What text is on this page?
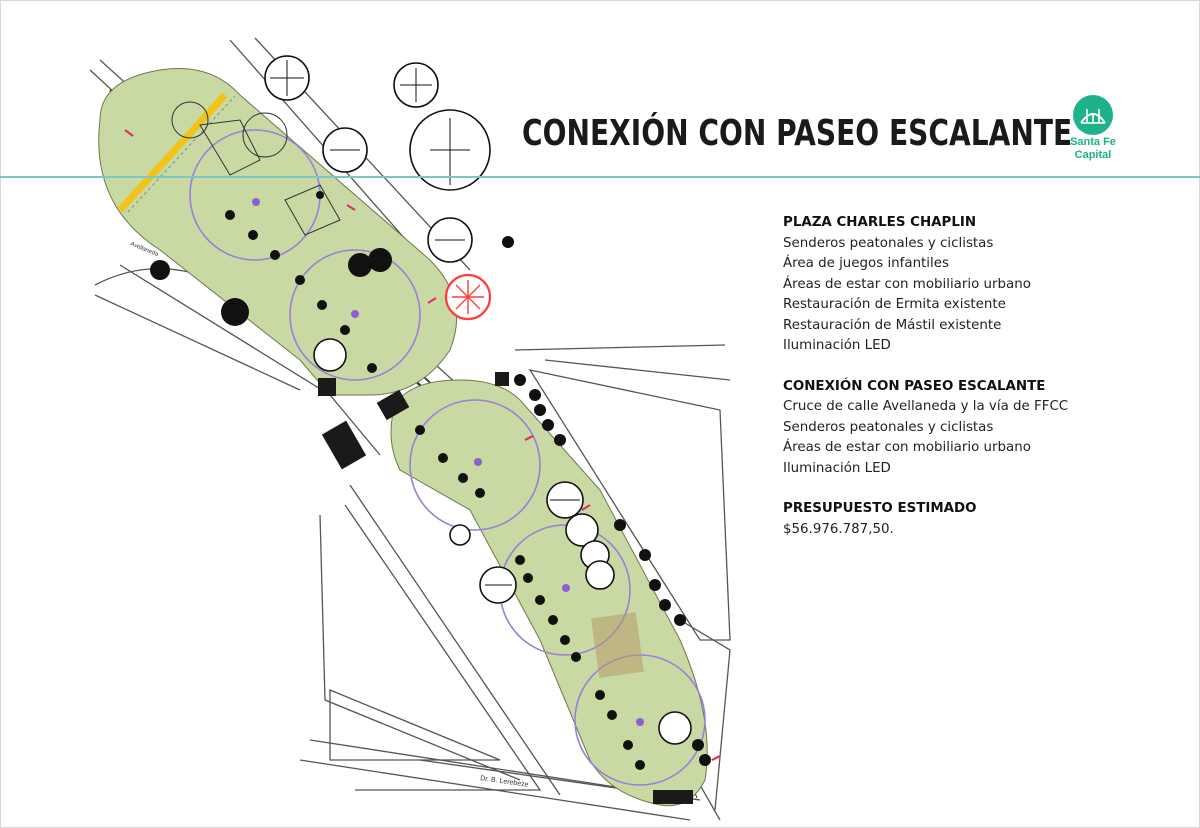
Dr. B. Lerebeze
Avellaneda
CONEXIÓN CON PASEO ESCALANTE
Santa Fe
Capital
PLAZA CHARLES CHAPLIN
Senderos peatonales y ciclistas
Área de juegos infantiles
Áreas de estar con mobiliario urbano
Restauración de Ermita existente
Restauración de Mástil existente
Iluminación LED
CONEXIÓN CON PASEO ESCALANTE
Cruce de calle Avellaneda y la vía de FFCC
Senderos peatonales y ciclistas
Áreas de estar con mobiliario urbano
Iluminación LED
PRESUPUESTO ESTIMADO
$56.976.787,50.
